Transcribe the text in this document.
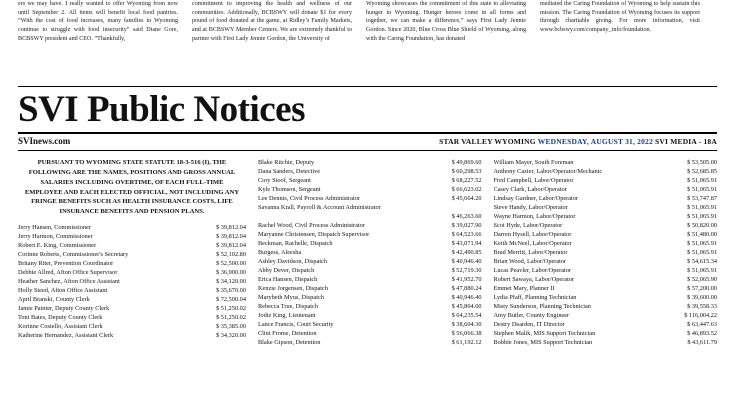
ers we may have. I really wanted to offer Wyoming from now until September 2. All items will benefit local food pantries. “With the cost of food increases, many families in Wyoming continue to struggle with food insecurity” said Diane Gore, BCBSWY president and CEO. “Thankfully,

commitment to improving the health and wellness of our communities. Additionally, BCBSWY will donate $1 for every pound of food donated at the game, at Ridley’s Family Markets, and at BCBSWY Member Centers. We are extremely thankful to partner with First Lady Jennie Gordon, the University of

Wyoming showcases the commitment of this state to alleviating hunger in Wyoming. Hunger heroes come in all forms and together, we can make a difference,” says First Lady Jennie Gordon. Since 2020, Blue Cross Blue Shield of Wyoming, along with the Caring Foundation, has donated

mediated the Caring Foundation of Wyoming to help sustain this mission. The Caring Foundation of Wyoming focuses its support through charitable giving. For more information, visit www.bcbswy.com/company_info/foundation.

SVI Public Notices
SVInews.com	STAR VALLEY WYOMING WEDNESDAY, AUGUST 31, 2022 SVI MEDIA - 18A
PURSUANT TO WYOMING STATE STATUTE 18-3-516 (I), THE FOLLOWING ARE THE NAMES, POSITIONS AND GROSS ANNUAL SALARIES INCLUDING OVERTIME, OF EACH FULL-TIME EMPLOYEE AND EACH ELECTED OFFICIAL, NOT INCLUDING ANY FRINGE BENEFITS SUCH AS HEALTH INSURANCE COSTS, LIFE INSURANCE BENEFITS AND PENSION PLANS.
Jerry Hansen, Commissioner	$ 39,812.04
Jerry Harmon, Commissioner	$ 39,812.04
Robert E. King, Commissioner	$ 39,812.04
Corinne Roberts, Commissioner's Secretary	$ 52,102.80
Britany Riter, Prevention Coordinator	$ 52,500.00
Debbie Allred, Afton Office Supervisor	$ 36,900.00
Heather Sanchez, Afton Office Assistant	$ 34,120.00
Holly Steed, Afton Office Assistant	$ 35,670.00
April Branski, County Clerk	$ 72,500.04
Jamie Painter, Deputy County Clerk	$ 51,250.02
Toni Bates, Deputy County Clerk	$ 51,250.02
Korinne Costello, Assistant Clerk	$ 35,385.00
Katherine Hernandez, Assistant Clerk	$ 34,320.00
Blake Ritchie, Deputy	$ 49,869.60
Dana Sanders, Detective	$ 60,298.53
Cory Stoof, Sergeant	$ 68,227.52
Kyle Thomson, Sergeant	$ 66,623.02
Lee Dennis, Civil Process Administrator	$ 45,664.20
Savanna Krall, Payroll & Account Administrator
$ 46,263.60
Rachel Wood, Civil Process Administrator	$ 39,027.90
Maryanne Christensen, Dispatch Supervisor	$ 64,523.66
Beckman, Rachelle, Dispatch	$ 43,071.94
Burgess, Aleesha	$ 42,490.85
Ashley Davidson, Dispatch	$ 40,946.40
Abby Dever, Dispatch	$ 52,719.30
Erica Hansen, Dispatch	$ 41,952.70
Kenzie Jorgensen, Dispatch	$ 47,880.24
Marybeth Myus, Dispatch	$ 40,946.40
Rebecca True, Dispatch	$ 45,804.00
Jodie King, Lieutenant	$ 64,235.54
Lance Francis, Court Security	$ 38,604.30
Clint Frome, Detention	$ 56,066.38
Blake Gipson, Detention	$ 61,192.12
William Mayer, South Foreman	$ 53,505.00
Anthony Cazier, Labor/Operator/Mechanic	$ 52,685.85
Fred Campbell, Labor/Operator	$ 51,065.91
Casey Clark, Labor/Operator	$ 51,065.91
Lindsay Gardner, Labor/Operator	$ 53,747.87
Steve Handy, Labor/Operator	$ 51,065.91
Wayne Harmon, Labor/Operator	$ 51,065.91
Scot Hyde, Labor/Operator	$ 50,820.00
Darren Hysell, Labor/Operator	$ 51,480.00
Keith McNeel, Labor/Operator	$ 51,065.91
Brad Merritt, Labor/Operator	$ 51,065.91
Brian Wood, Labor/Operator	$ 54,615.34
Lucas Peavler, Labor/Operator	$ 51,065.91
Robert Sawaya, Labor/Operator	$ 52,065.90
Emmet Mary, Planner II	$ 57,200.00
Lydia Pfaff, Planning Technician	$ 39,600.00
Misty Sunderson, Planning Technician	$ 39,558.33
Amy Butler, County Engineer	$ 116,004.22
Destry Dearden, IT Director	$ 63,447.63
Stephen Malik, MIS Support Technician	$ 46,893.52
Bobbie Jones, MIS Support Technician	$ 43,611.79
